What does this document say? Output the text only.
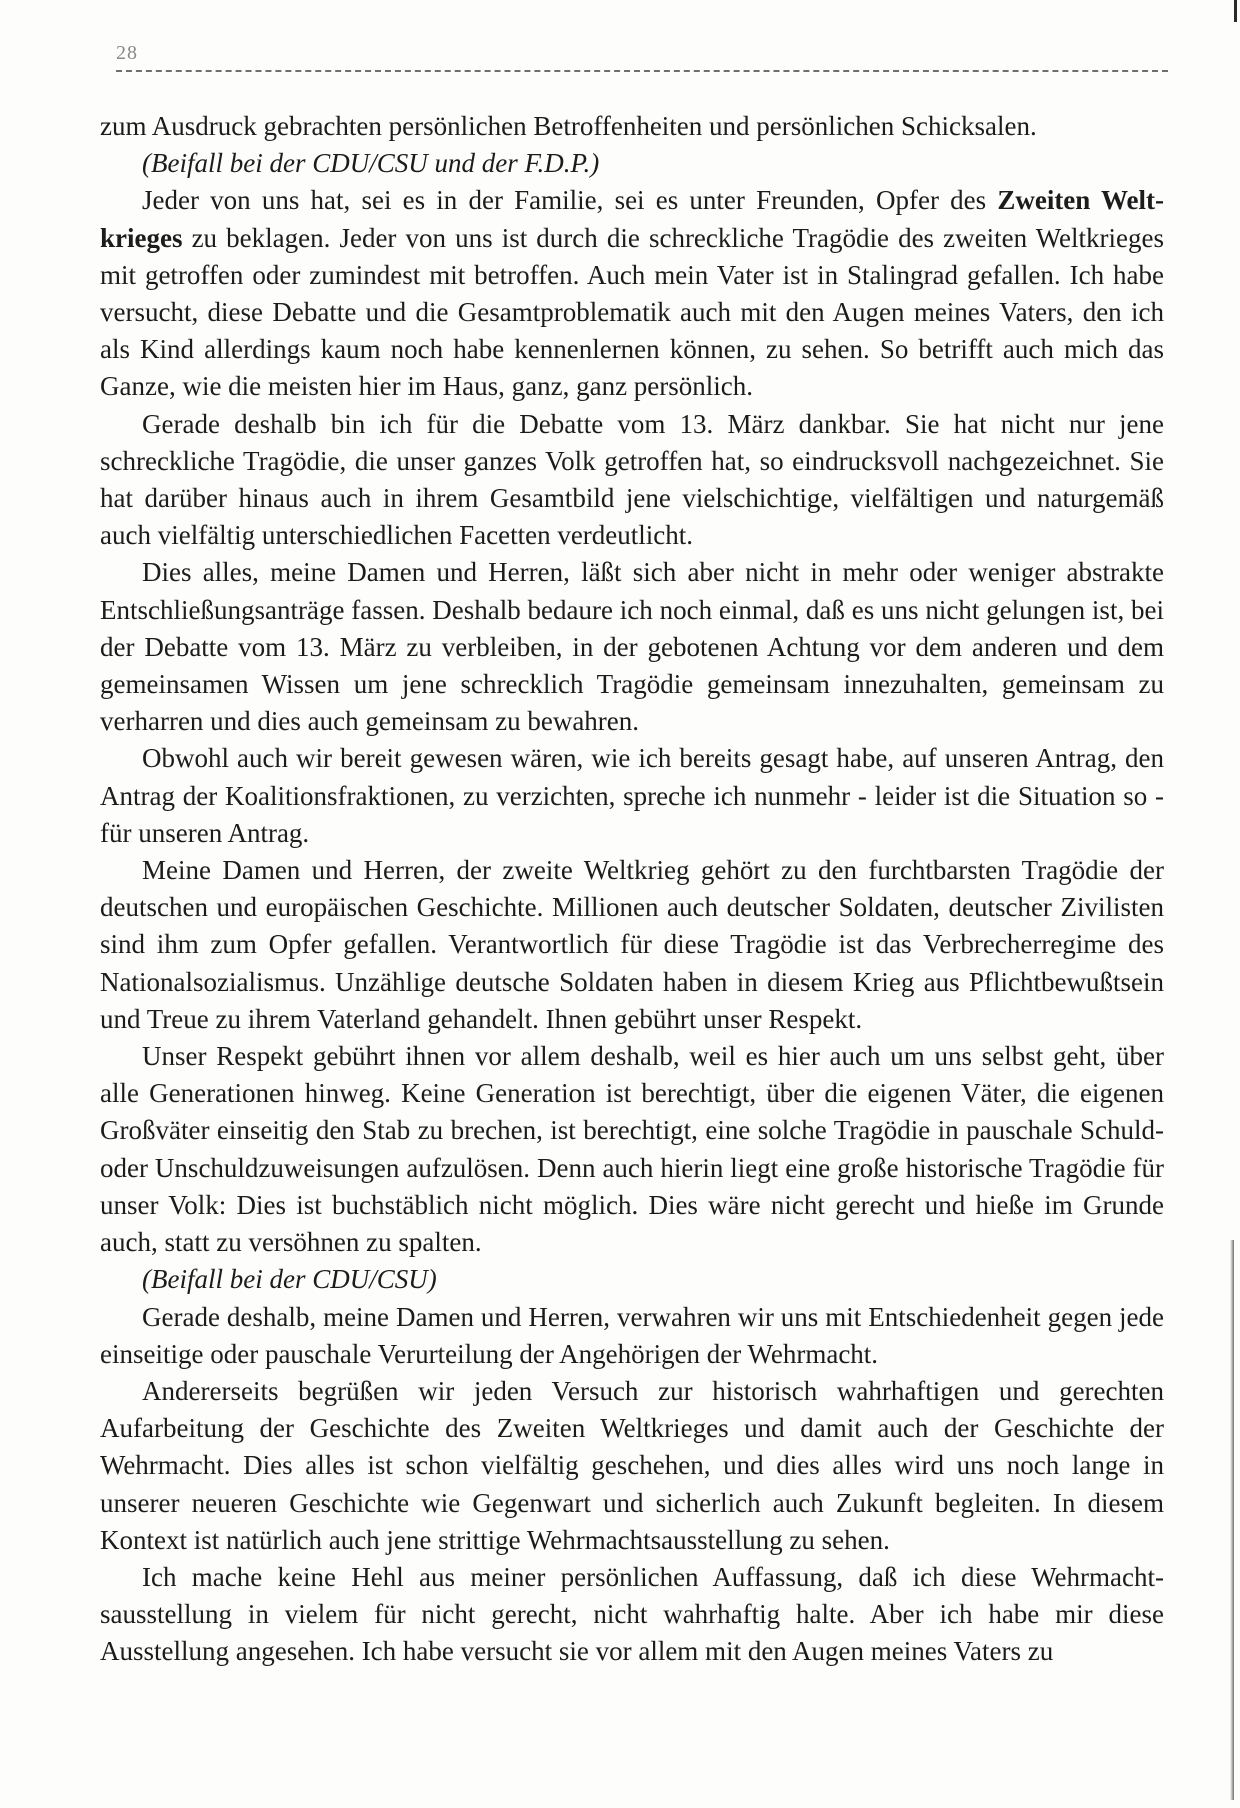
28

zum Ausdruck gebrachten persönlichen Betroffenheiten und persönlichen Schicksalen.

(Beifall bei der CDU/CSU und der F.D.P.)

Jeder von uns hat, sei es in der Familie, sei es unter Freunden, Opfer des Zweiten Weltkrieges zu beklagen. Jeder von uns ist durch die schreckliche Tragödie des zweiten Weltkrieges mit getroffen oder zumindest mit betroffen. Auch mein Vater ist in Stalingrad gefallen. Ich habe versucht, diese Debatte und die Gesamtproblematik auch mit den Augen meines Vaters, den ich als Kind allerdings kaum noch habe kennenlernen können, zu sehen. So betrifft auch mich das Ganze, wie die meisten hier im Haus, ganz, ganz persönlich.

Gerade deshalb bin ich für die Debatte vom 13. März dankbar. Sie hat nicht nur jene schreckliche Tragödie, die unser ganzes Volk getroffen hat, so eindrucksvoll nachgezeichnet. Sie hat darüber hinaus auch in ihrem Gesamtbild jene vielschichtige, vielfältigen und naturgemäß auch vielfältig unterschiedlichen Facetten verdeutlicht.

Dies alles, meine Damen und Herren, läßt sich aber nicht in mehr oder weniger abstrakte Entschließungsanträge fassen. Deshalb bedaure ich noch einmal, daß es uns nicht gelungen ist, bei der Debatte vom 13. März zu verbleiben, in der gebotenen Achtung vor dem anderen und dem gemeinsamen Wissen um jene schrecklich Tragödie gemeinsam innezuhalten, gemeinsam zu verharren und dies auch gemeinsam zu bewahren.

Obwohl auch wir bereit gewesen wären, wie ich bereits gesagt habe, auf unseren Antrag, den Antrag der Koalitionsfraktionen, zu verzichten, spreche ich nunmehr - leider ist die Situation so - für unseren Antrag.

Meine Damen und Herren, der zweite Weltkrieg gehört zu den furchtbarsten Tragödie der deutschen und europäischen Geschichte. Millionen auch deutscher Soldaten, deutscher Zivilisten sind ihm zum Opfer gefallen. Verantwortlich für diese Tragödie ist das Verbrecherregime des Nationalsozialismus. Unzählige deutsche Soldaten haben in diesem Krieg aus Pflichtbewußtsein und Treue zu ihrem Vaterland gehandelt. Ihnen gebührt unser Respekt.

Unser Respekt gebührt ihnen vor allem deshalb, weil es hier auch um uns selbst geht, über alle Generationen hinweg. Keine Generation ist berechtigt, über die eigenen Väter, die eigenen Großväter einseitig den Stab zu brechen, ist berechtigt, eine solche Tragödie in pauschale Schuld- oder Unschuldzuweisungen aufzulösen. Denn auch hierin liegt eine große historische Tragödie für unser Volk: Dies ist buchstäblich nicht möglich. Dies wäre nicht gerecht und hieße im Grunde auch, statt zu versöhnen zu spalten.

(Beifall bei der CDU/CSU)

Gerade deshalb, meine Damen und Herren, verwahren wir uns mit Entschiedenheit gegen jede einseitige oder pauschale Verurteilung der Angehörigen der Wehrmacht.

Andererseits begrüßen wir jeden Versuch zur historisch wahrhaftigen und gerechten Aufarbeitung der Geschichte des Zweiten Weltkrieges und damit auch der Geschichte der Wehrmacht. Dies alles ist schon vielfältig geschehen, und dies alles wird uns noch lange in unserer neueren Geschichte wie Gegenwart und sicherlich auch Zukunft begleiten. In diesem Kontext ist natürlich auch jene strittige Wehrmachtsausstellung zu sehen.

Ich mache keine Hehl aus meiner persönlichen Auffassung, daß ich diese Wehrmachtsausstellung in vielem für nicht gerecht, nicht wahrhaftig halte. Aber ich habe mir diese Ausstellung angesehen. Ich habe versucht sie vor allem mit den Augen meines Vaters zu
